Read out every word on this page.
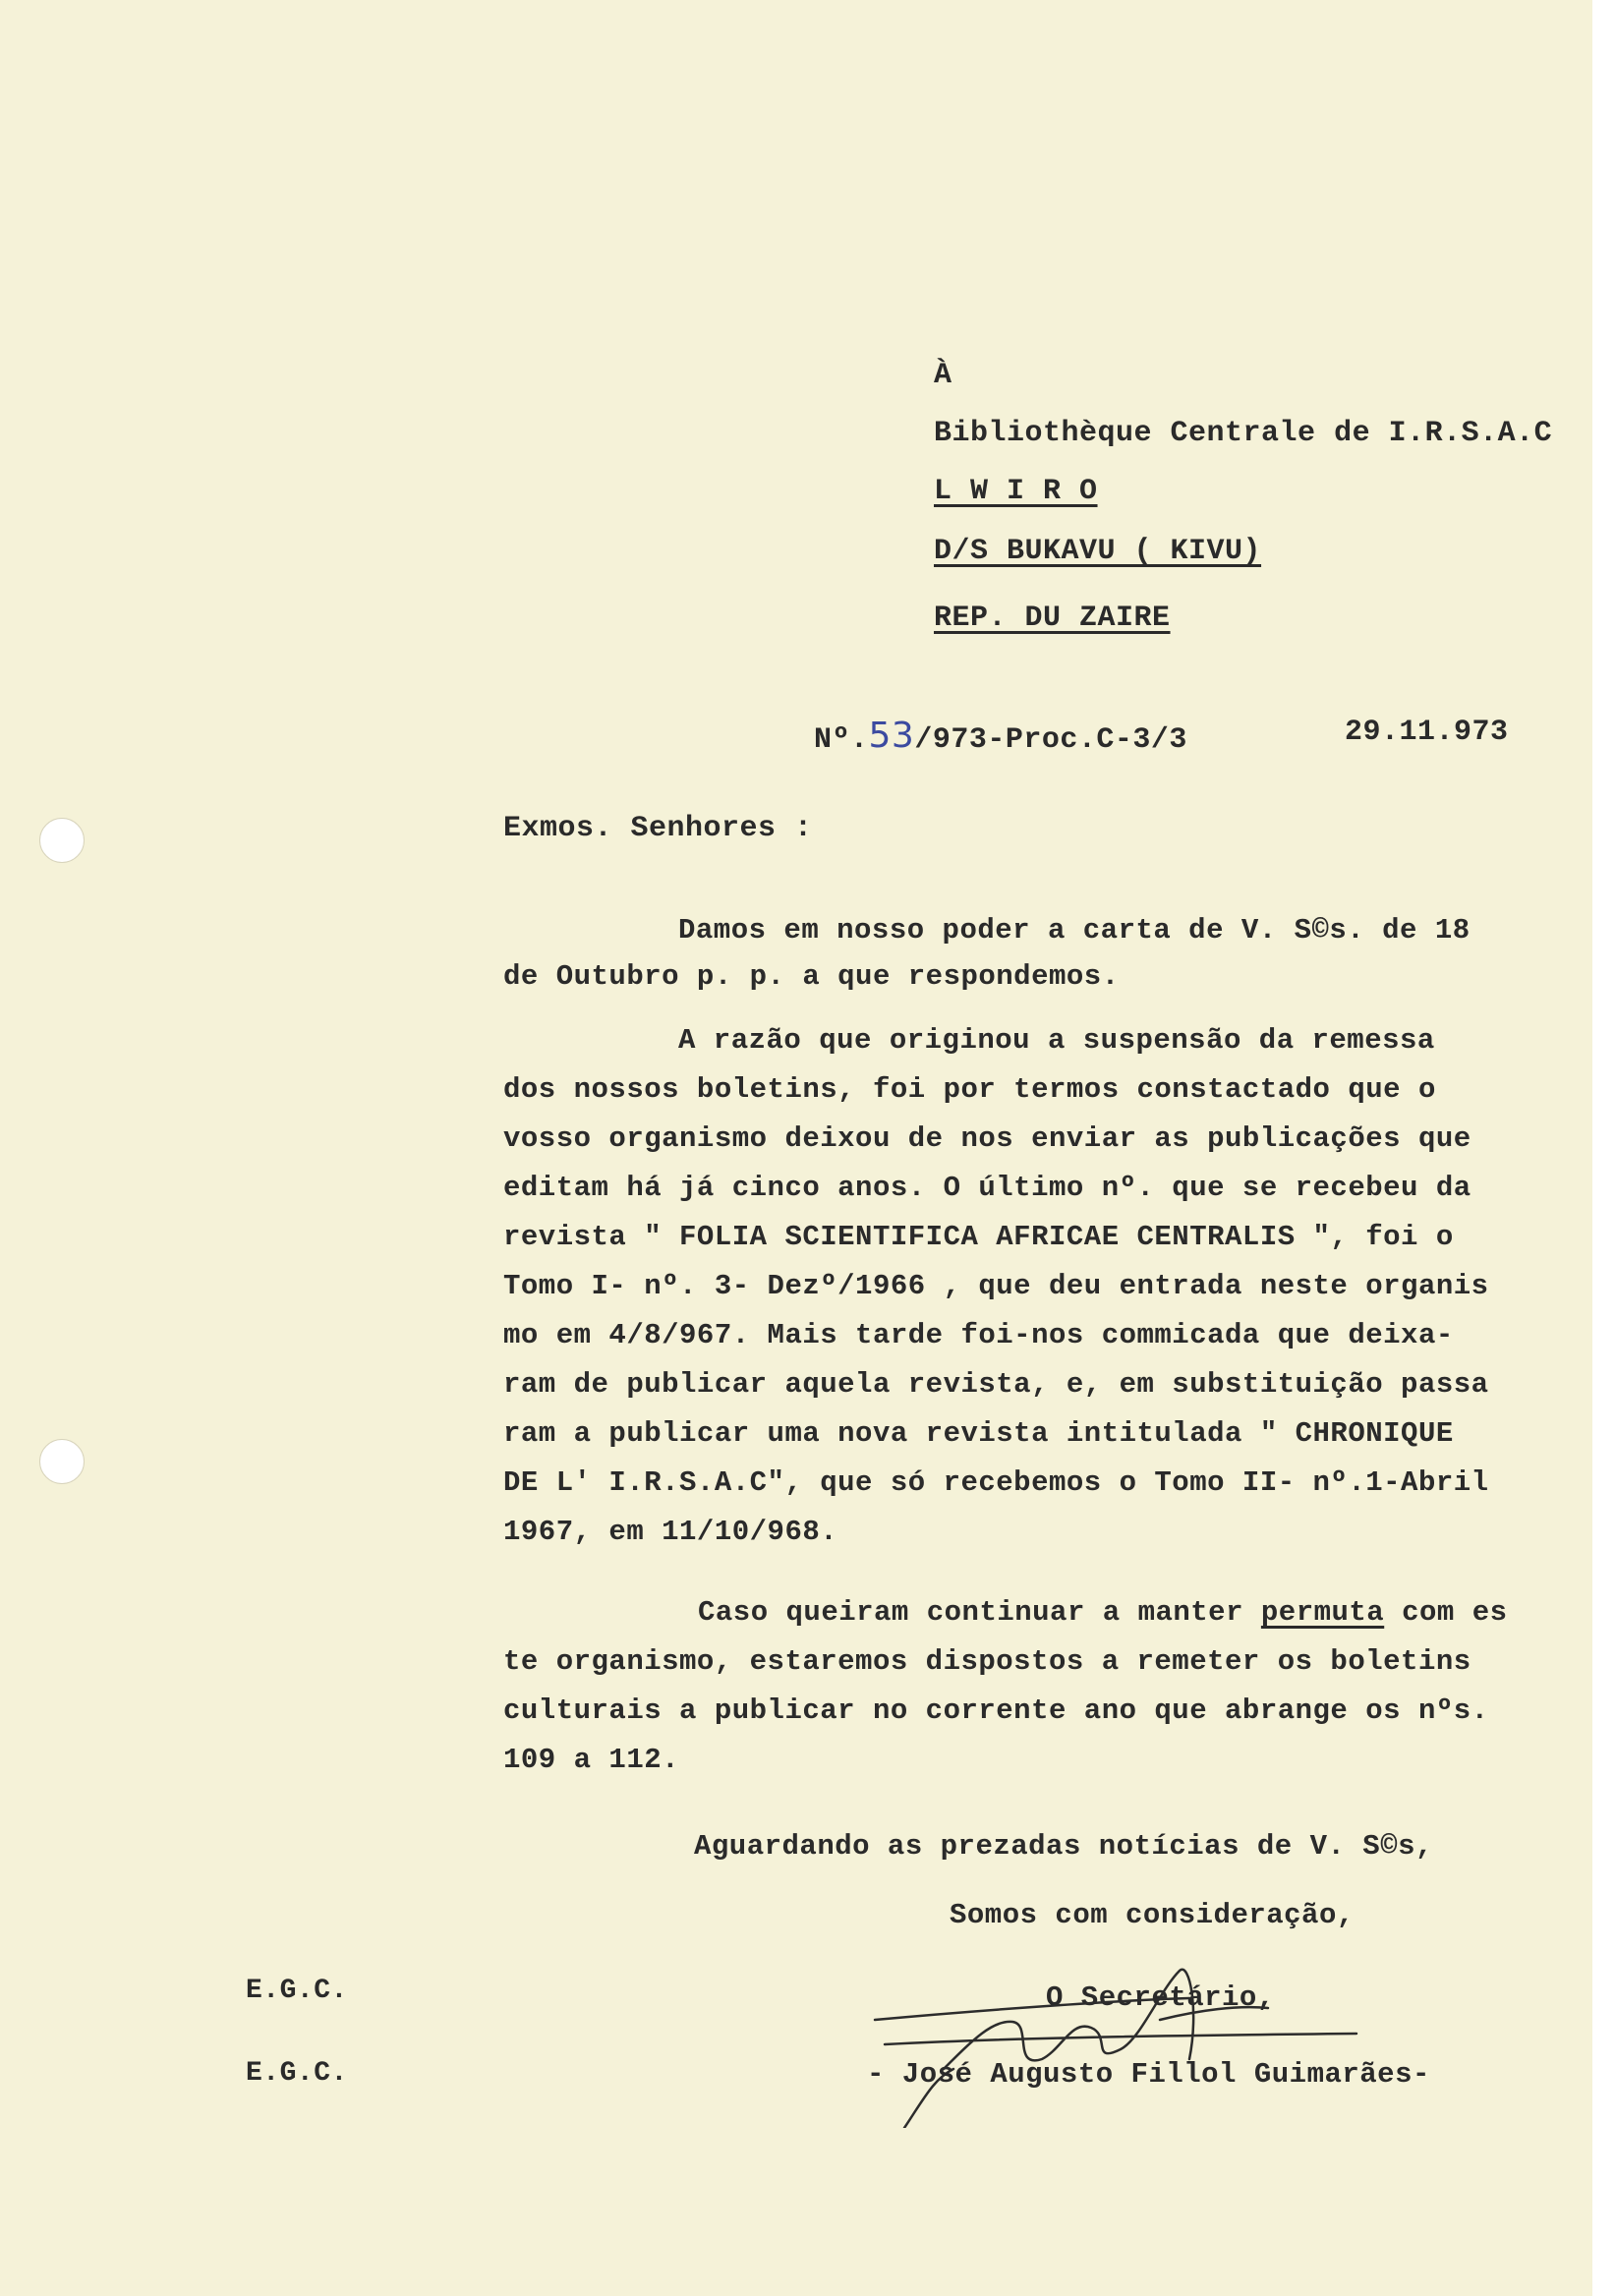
À
Bibliothèque Centrale de I.R.S.A.C
L W I R O
D/S BUKAVU ( KIVU)
REP. DU ZAIRE
Nº.53/973-Proc.C-3/3	29.11.973
Exmos. Senhores :
Damos em nosso poder a carta de V. S©s. de 18
de Outubro p. p. a que respondemos.
A razão que originou a suspensão da remessa
dos nossos boletins, foi por termos constactado que o
vosso organismo deixou de nos enviar as publicações que
editam há já cinco anos. O último nº. que se recebeu da
revista " FOLIA SCIENTIFICA AFRICAE CENTRALIS ", foi o
Tomo I- nº. 3- Dezº/1966 , que deu entrada neste organis
mo em 4/8/967. Mais tarde foi-nos commicada que deixa-
ram de publicar aquela revista, e, em substituição passa
ram a publicar uma nova revista intitulada " CHRONIQUE
DE L' I.R.S.A.C", que só recebemos o Tomo II- nº.1-Abril
1967, em 11/10/968.
Caso queiram continuar a manter permuta com es
te organismo, estaremos dispostos a remeter os boletins
culturais a publicar no corrente ano que abrange os nºs.
109 a 112.
Aguardando as prezadas notícias de V. S©s,
Somos com consideração,
O Secretário,
- José Augusto Fillol Guimarães-
E.G.C.
E.G.C.
